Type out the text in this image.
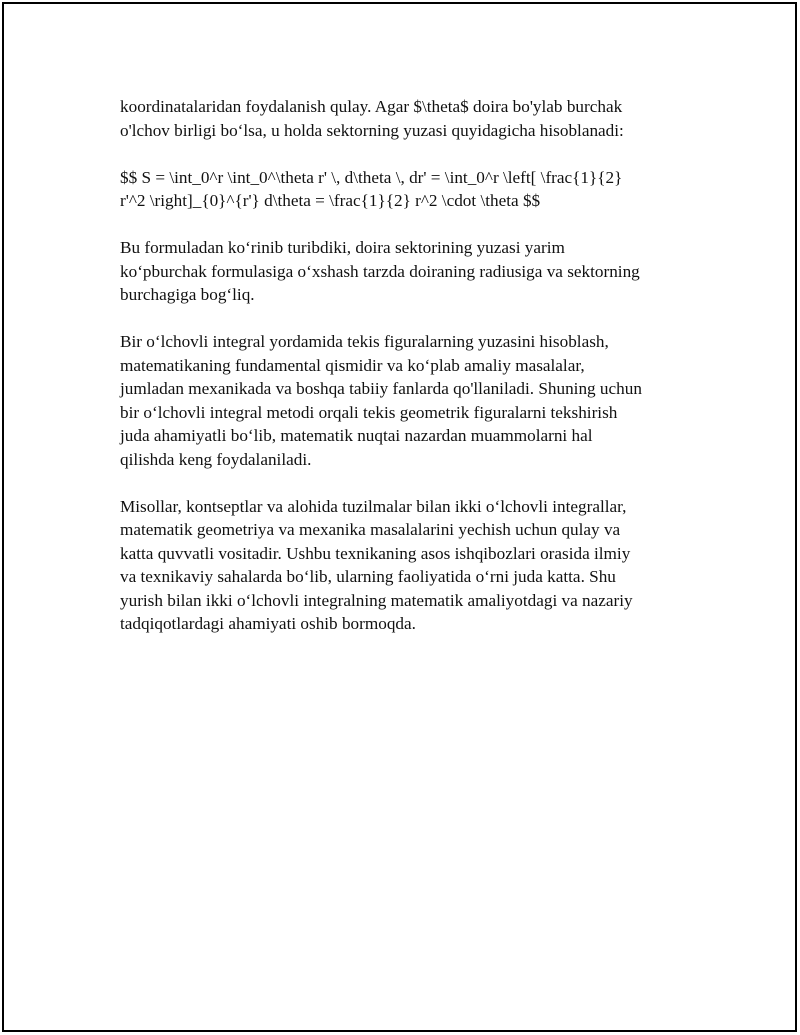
koordinatalaridan foydalanish qulay. Agar $\theta$ doira bo'ylab burchak
o'lchov birligi bo‘lsa, u holda sektorning yuzasi quyidagicha hisoblanadi:

$$ S = \int_0^r \int_0^\theta r' \, d\theta \, dr' = \int_0^r \left[ \frac{1}{2}
r'^2 \right]_{0}^{r'} d\theta = \frac{1}{2} r^2 \cdot \theta $$

Bu formuladan ko‘rinib turibdiki, doira sektorining yuzasi yarim
ko‘pburchak formulasiga o‘xshash tarzda doiraning radiusiga va sektorning
burchagiga bog‘liq.

Bir o‘lchovli integral yordamida tekis figuralarning yuzasini hisoblash,
matematikaning fundamental qismidir va ko‘plab amaliy masalalar,
jumladan mexanikada va boshqa tabiiy fanlarda qo'llaniladi. Shuning uchun
bir o‘lchovli integral metodi orqali tekis geometrik figuralarni tekshirish
juda ahamiyatli bo‘lib, matematik nuqtai nazardan muammolarni hal
qilishda keng foydalaniladi.

Misollar, kontseptlar va alohida tuzilmalar bilan ikki o‘lchovli integrallar,
matematik geometriya va mexanika masalalarini yechish uchun qulay va
katta quvvatli vositadir. Ushbu texnikaning asos ishqibozlari orasida ilmiy
va texnikaviy sahalarda bo‘lib, ularning faoliyatida o‘rni juda katta. Shu
yurish bilan ikki o‘lchovli integralning matematik amaliyotdagi va nazariy
tadqiqotlardagi ahamiyati oshib bormoqda.
